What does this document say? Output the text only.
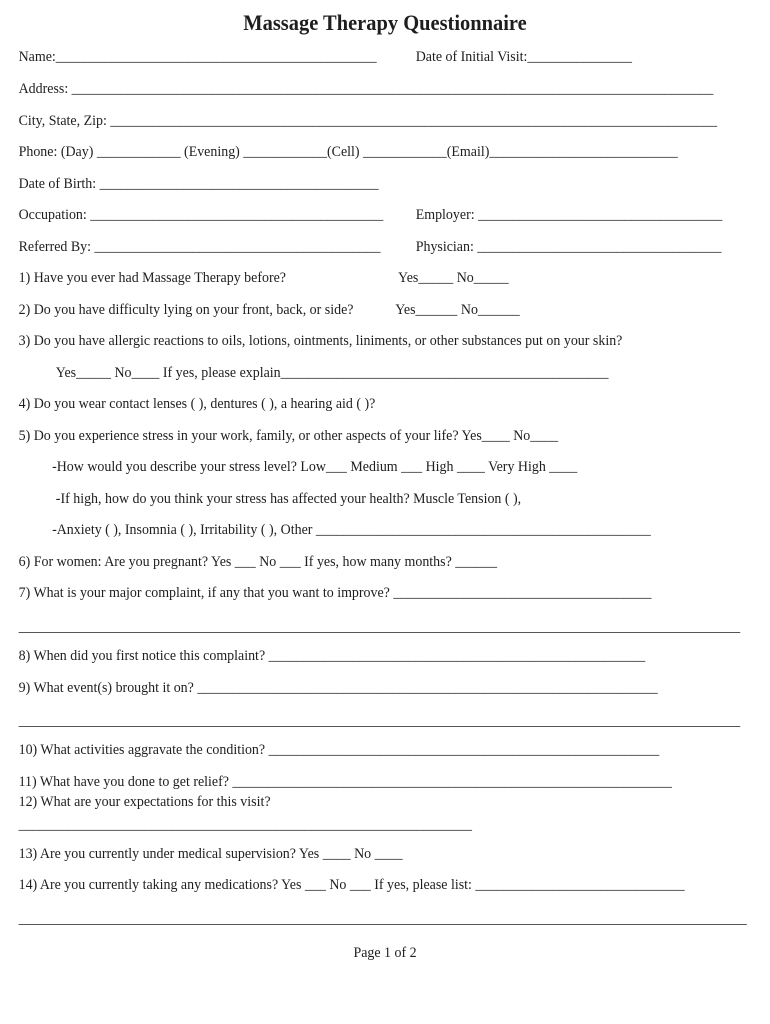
Massage Therapy Questionnaire
Name:______________________________________________	Date of Initial Visit:_______________
Address: ____________________________________________________________________________________________
City, State, Zip: _______________________________________________________________________________________
Phone: (Day) ____________ (Evening) ____________(Cell) ____________(Email)___________________________
Date of Birth: ________________________________________
Occupation: __________________________________________ Employer: ___________________________________
Referred By: _________________________________________ Physician: ___________________________________
1) Have you ever had Massage Therapy before?	Yes_____ No_____
2) Do you have difficulty lying on your front, back, or side?	Yes______ No______
3) Do you have allergic reactions to oils, lotions, ointments, liniments, or other substances put on your skin?
Yes_____ No____ If yes, please explain_______________________________________________
4) Do you wear contact lenses ( ), dentures ( ), a hearing aid ( )?
5) Do you experience stress in your work, family, or other aspects of your life? Yes____ No____
-How would you describe your stress level? Low___ Medium ___ High ____ Very High ____
-If high, how do you think your stress has affected your health? Muscle Tension ( ),
-Anxiety ( ), Insomnia ( ), Irritability ( ), Other ________________________________________________
6) For women: Are you pregnant? Yes ___ No ___ If yes, how many months? ______
7) What is your major complaint, if any that you want to improve? _____________________________________
8) When did you first notice this complaint? ______________________________________________________
9) What event(s) brought it on? __________________________________________________________________
10) What activities aggravate the condition? ________________________________________________________
11) What have you done to get relief? _______________________________________________________________
12) What are your expectations for this visit?
_________________________________________________________________
13) Are you currently under medical supervision? Yes ____ No ____
14) Are you currently taking any medications? Yes ___ No ___ If yes, please list: ______________________________
Page 1 of 2
